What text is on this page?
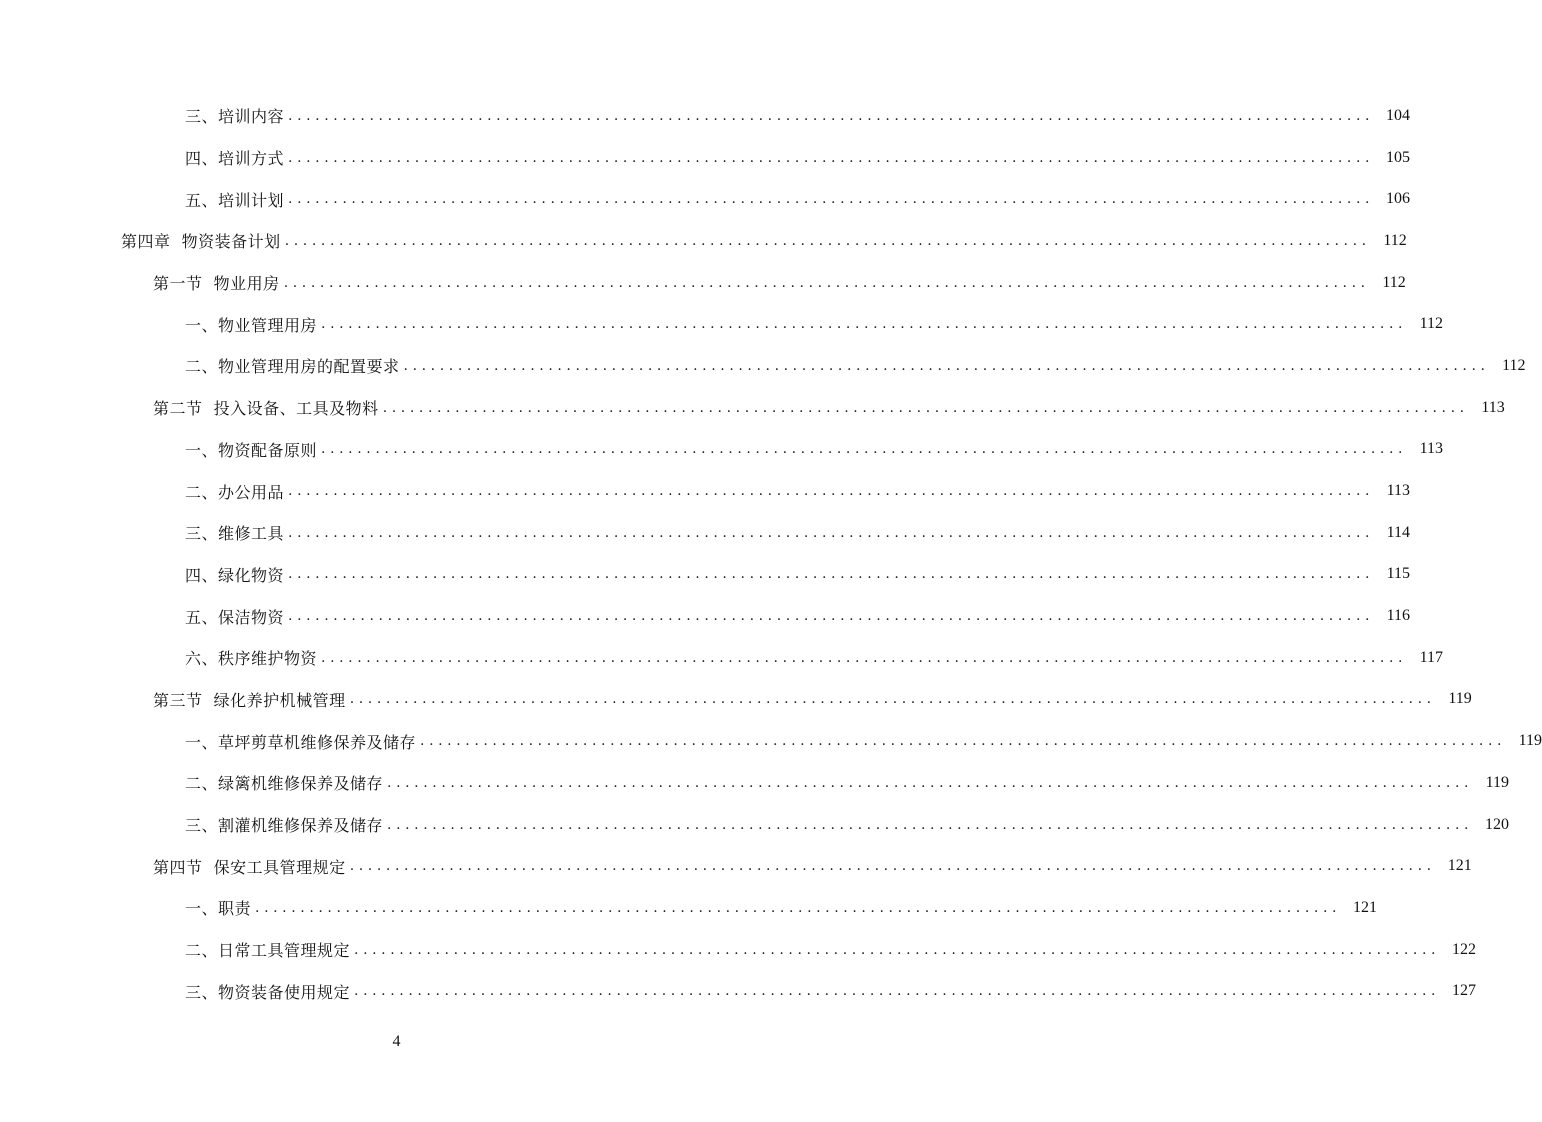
三、培训内容 ........................................................................................................................ 104
四、培训方式 ........................................................................................................................ 105
五、培训计划 ........................................................................................................................ 106
第四章  物资装备计划 ........................................................................................................................ 112
第一节  物业用房 ........................................................................................................................ 112
一、物业管理用房 ........................................................................................................................ 112
二、物业管理用房的配置要求 ........................................................................................................................ 112
第二节  投入设备、工具及物料 ........................................................................................................................ 113
一、物资配备原则 ........................................................................................................................ 113
二、办公用品 ........................................................................................................................ 113
三、维修工具 ........................................................................................................................ 114
四、绿化物资 ........................................................................................................................ 115
五、保洁物资 ........................................................................................................................ 116
六、秩序维护物资 ........................................................................................................................ 117
第三节  绿化养护机械管理 ........................................................................................................................ 119
一、草坪剪草机维修保养及储存 ........................................................................................................................ 119
二、绿篱机维修保养及储存 ........................................................................................................................ 119
三、割灌机维修保养及储存 ........................................................................................................................ 120
第四节  保安工具管理规定 ........................................................................................................................ 121
一、职责 ........................................................................................................................ 121
二、日常工具管理规定 ........................................................................................................................ 122
三、物资装备使用规定 ........................................................................................................................ 127
4
